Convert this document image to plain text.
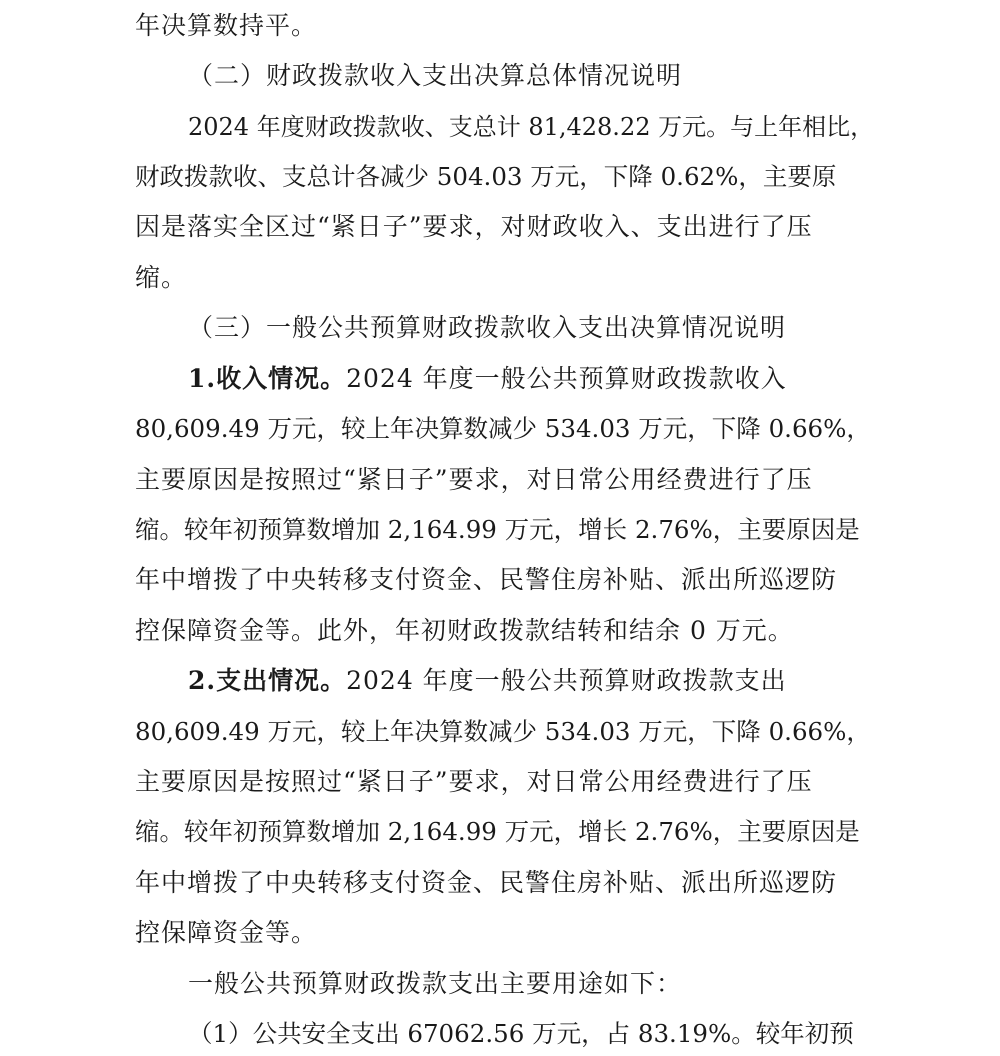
年决算数持平。
（二）财政拨款收入支出决算总体情况说明
2024 年度财政拨款收、支总计 81,428.22 万元。与上年相比，
财政拨款收、支总计各减少 504.03 万元，下降 0.62%，主要原
因是落实全区过“紧日子”要求，对财政收入、支出进行了压
缩。
（三）一般公共预算财政拨款收入支出决算情况说明
1.收入情况。2024 年度一般公共预算财政拨款收入
80,609.49 万元，较上年决算数减少 534.03 万元，下降 0.66%，
主要原因是按照过“紧日子”要求，对日常公用经费进行了压
缩。较年初预算数增加 2,164.99 万元，增长 2.76%，主要原因是
年中增拨了中央转移支付资金、民警住房补贴、派出所巡逻防
控保障资金等。此外，年初财政拨款结转和结余 0 万元。
2.支出情况。2024 年度一般公共预算财政拨款支出
80,609.49 万元，较上年决算数减少 534.03 万元，下降 0.66%，
主要原因是按照过“紧日子”要求，对日常公用经费进行了压
缩。较年初预算数增加 2,164.99 万元，增长 2.76%，主要原因是
年中增拨了中央转移支付资金、民警住房补贴、派出所巡逻防
控保障资金等。
一般公共预算财政拨款支出主要用途如下：
（1）公共安全支出 67062.56 万元，占 83.19%。较年初预
